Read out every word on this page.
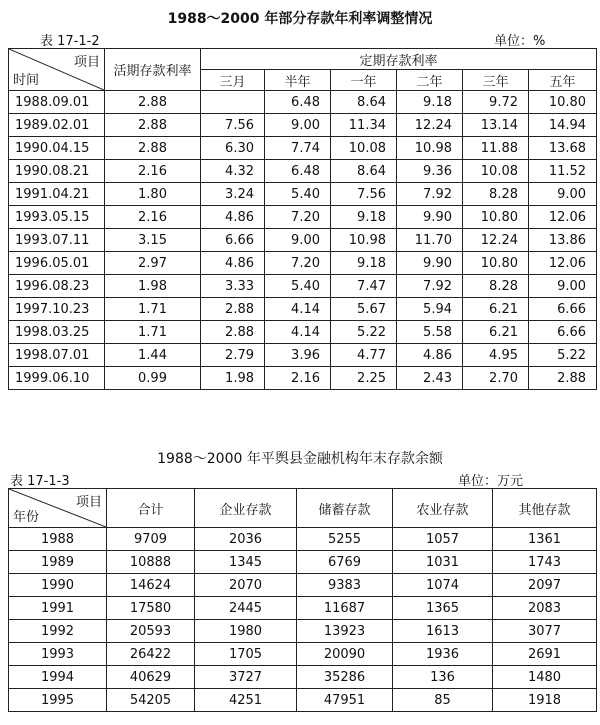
1988～2000 年部分存款年利率调整情况
表 17-1-2	单位：%
项目
时间	活期存款利率	定期存款利率					
		三月	半年	一年	二年	三年	五年
1988.09.01	2.88		6.48	8.64	9.18	9.72	10.80
1989.02.01	2.88	7.56	9.00	11.34	12.24	13.14	14.94
1990.04.15	2.88	6.30	7.74	10.08	10.98	11.88	13.68
1990.08.21	2.16	4.32	6.48	8.64	9.36	10.08	11.52
1991.04.21	1.80	3.24	5.40	7.56	7.92	8.28	9.00
1993.05.15	2.16	4.86	7.20	9.18	9.90	10.80	12.06
1993.07.11	3.15	6.66	9.00	10.98	11.70	12.24	13.86
1996.05.01	2.97	4.86	7.20	9.18	9.90	10.80	12.06
1996.08.23	1.98	3.33	5.40	7.47	7.92	8.28	9.00
1997.10.23	1.71	2.88	4.14	5.67	5.94	6.21	6.66
1998.03.25	1.71	2.88	4.14	5.22	5.58	6.21	6.66
1998.07.01	1.44	2.79	3.96	4.77	4.86	4.95	5.22
1999.06.10	0.99	1.98	2.16	2.25	2.43	2.70	2.88
1988～2000 年平舆县金融机构年末存款余额
表 17-1-3	单位：万元
项目
年份	合计	企业存款	储蓄存款	农业存款	其他存款
1988	9709	2036	5255	1057	1361
1989	10888	1345	6769	1031	1743
1990	14624	2070	9383	1074	2097
1991	17580	2445	11687	1365	2083
1992	20593	1980	13923	1613	3077
1993	26422	1705	20090	1936	2691
1994	40629	3727	35286	136	1480
1995	54205	4251	47951	85	1918
